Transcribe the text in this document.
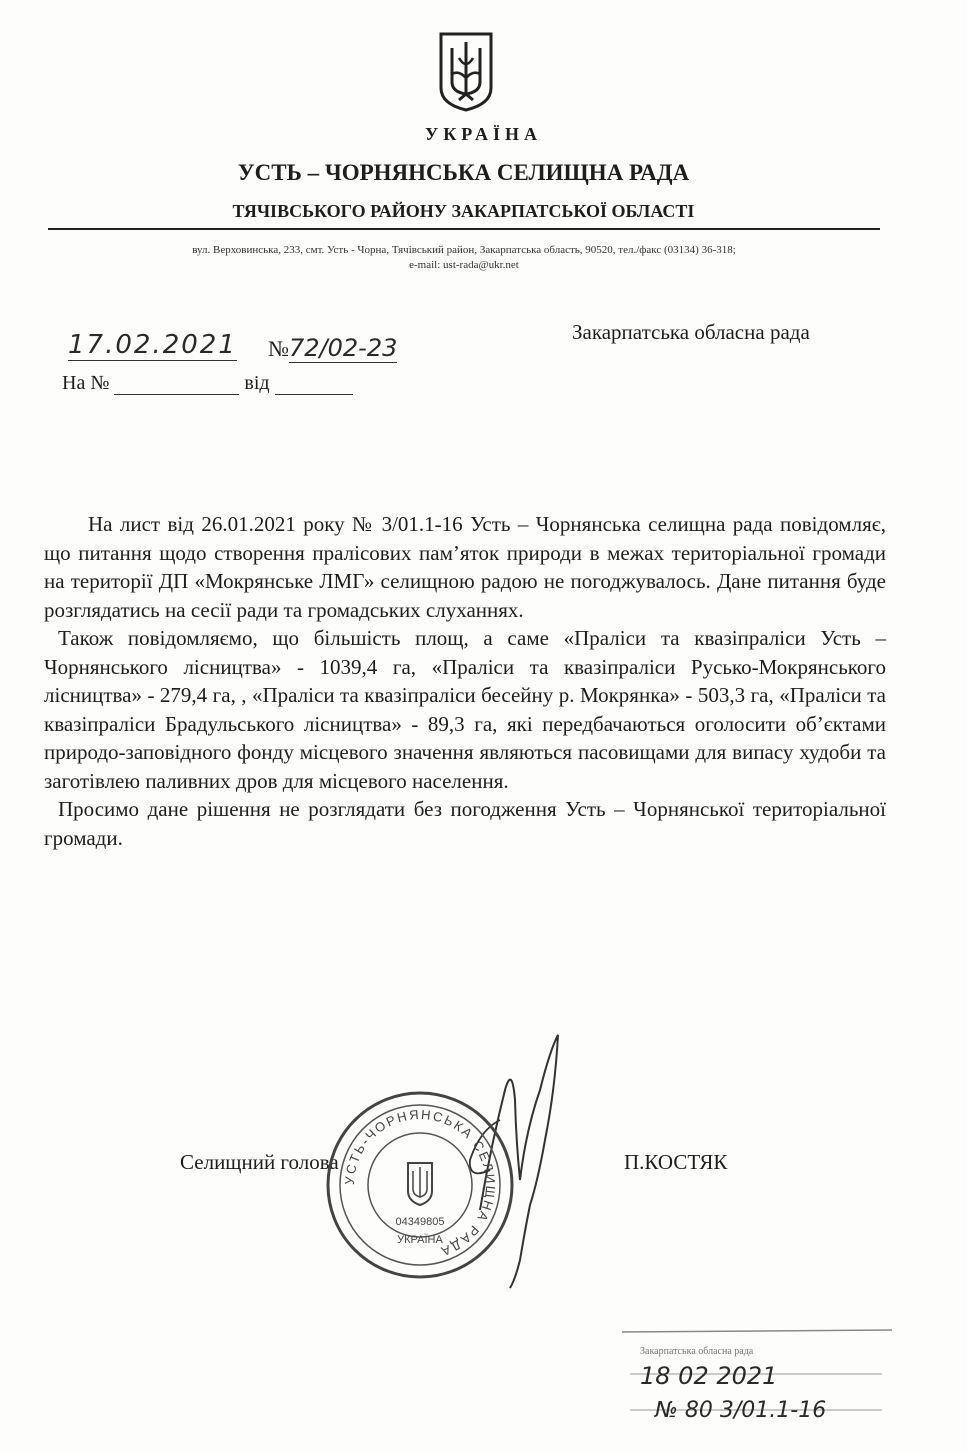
УКРАЇНА
УСТЬ – ЧОРНЯНСЬКА СЕЛИЩНА РАДА
ТЯЧІВСЬКОГО РАЙОНУ ЗАКАРПАТСЬКОЇ ОБЛАСТІ
вул. Верховинська, 233, смт. Усть - Чорна, Тячівський район, Закарпатська область, 90520, тел./факс (03134) 36-318;
e-mail: ust-rada@ukr.net
17.02.2021	№72/02-23
Закарпатська обласна рада
На №	від

На лист від 26.01.2021 року № 3/01.1-16 Усть – Чорнянська селищна рада повідомляє, що питання щодо створення пралісових пам’яток природи в межах територіальної громади на території ДП «Мокрянське ЛМГ» селищною радою не погоджувалось. Дане питання буде розглядатись на сесії ради та громадських слуханнях.

Також повідомляємо, що більшість площ, а саме «Праліси та квазіпраліси Усть – Чорнянського лісництва» - 1039,4 га, «Праліси та квазіпраліси Русько-Мокрянського лісництва» - 279,4 га, , «Праліси та квазіпраліси бесейну р. Мокрянка» - 503,3 га, «Праліси та квазіпраліси Брадульського лісництва» - 89,3 га, які передбачаються оголосити об’єктами природо-заповідного фонду місцевого значення являються пасовищами для випасу худоби та заготівлею паливних дров для місцевого населення.

Просимо дане рішення не розглядати без погодження Усть – Чорнянської територіальної громади.

Селищний голова	П.КОСТЯК
УСТЬ-ЧОРНЯНСЬКА СЕЛИЩНА РАДА
04349805
УКРАЇНА
Закарпатська обласна рада
18 02 2021
№ 80 3/01.1-16
